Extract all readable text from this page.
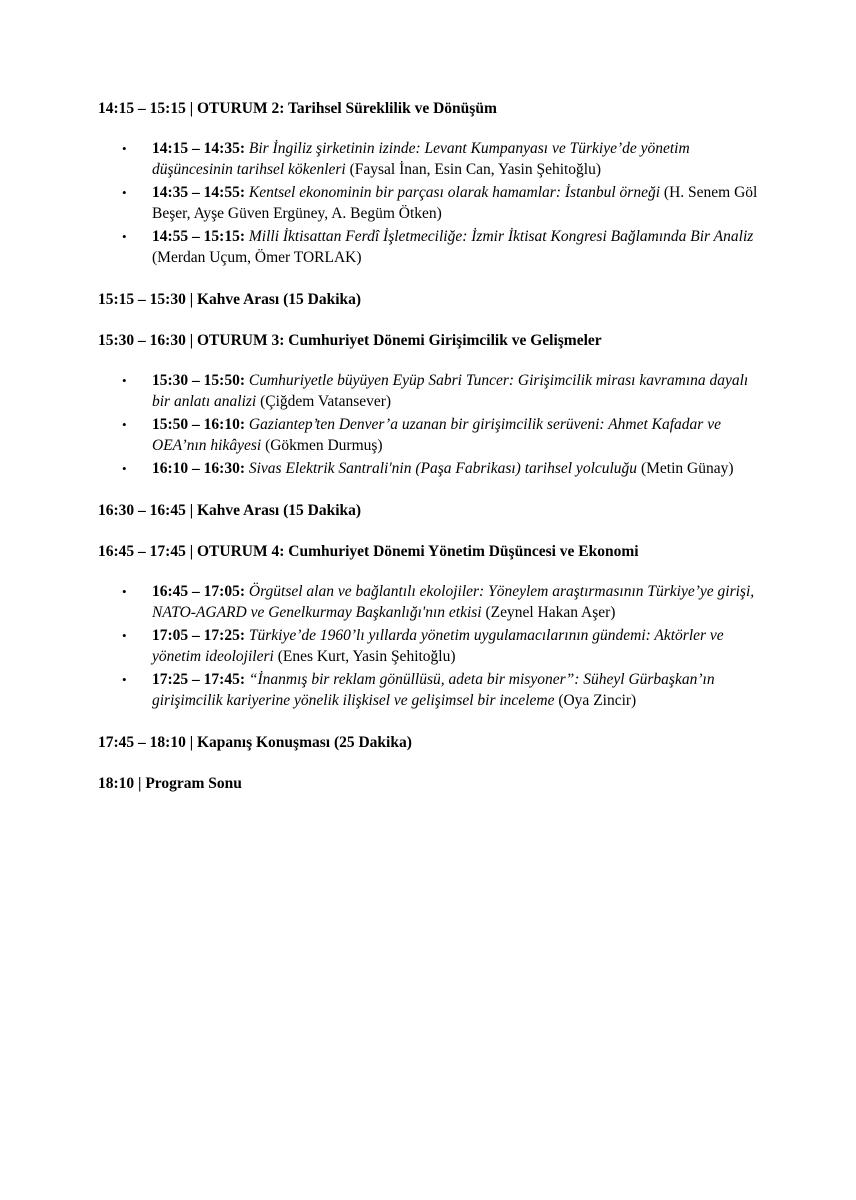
14:15 – 15:15 | OTURUM 2: Tarihsel Süreklilik ve Dönüşüm

• 14:15 – 14:35: Bir İngiliz şirketinin izinde: Levant Kumpanyası ve Türkiye’de yönetim düşüncesinin tarihsel kökenleri (Faysal İnan, Esin Can, Yasin Şehitoğlu)
• 14:35 – 14:55: Kentsel ekonominin bir parçası olarak hamamlar: İstanbul örneği (H. Senem Göl Beşer, Ayşe Güven Ergüney, A. Begüm Ötken)
• 14:55 – 15:15: Milli İktisattan Ferdî İşletmeciliğe: İzmir İktisat Kongresi Bağlamında Bir Analiz (Merdan Uçum, Ömer TORLAK)

15:15 – 15:30 | Kahve Arası (15 Dakika)

15:30 – 16:30 | OTURUM 3: Cumhuriyet Dönemi Girişimcilik ve Gelişmeler

• 15:30 – 15:50: Cumhuriyetle büyüyen Eyüp Sabri Tuncer: Girişimcilik mirası kavramına dayalı bir anlatı analizi (Çiğdem Vatansever)
• 15:50 – 16:10: Gaziantep’ten Denver’a uzanan bir girişimcilik serüveni: Ahmet Kafadar ve OEA’nın hikâyesi (Gökmen Durmuş)
• 16:10 – 16:30: Sivas Elektrik Santrali'nin (Paşa Fabrikası) tarihsel yolculuğu (Metin Günay)

16:30 – 16:45 | Kahve Arası (15 Dakika)

16:45 – 17:45 | OTURUM 4: Cumhuriyet Dönemi Yönetim Düşüncesi ve Ekonomi

• 16:45 – 17:05: Örgütsel alan ve bağlantılı ekolojiler: Yöneylem araştırmasının Türkiye’ye girişi, NATO-AGARD ve Genelkurmay Başkanlığı'nın etkisi (Zeynel Hakan Aşer)
• 17:05 – 17:25: Türkiye’de 1960’lı yıllarda yönetim uygulamacılarının gündemi: Aktörler ve yönetim ideolojileri (Enes Kurt, Yasin Şehitoğlu)
• 17:25 – 17:45: “İnanmış bir reklam gönüllüsü, adeta bir misyoner”: Süheyl Gürbaşkan’ın girişimcilik kariyerine yönelik ilişkisel ve gelişimsel bir inceleme (Oya Zincir)

17:45 – 18:10 | Kapanış Konuşması (25 Dakika)

18:10 | Program Sonu
